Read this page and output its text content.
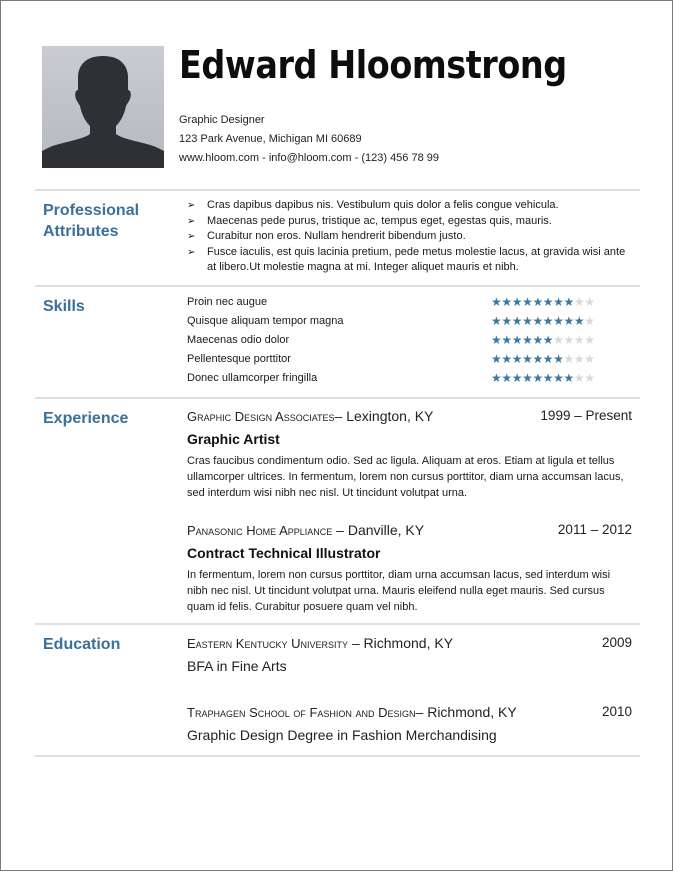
Edward Hloomstrong
Graphic Designer
123 Park Avenue, Michigan MI 60689
www.hloom.com - info@hloom.com - (123) 456 78 99
Professional
Attributes
➢ Cras dapibus dapibus nis. Vestibulum quis dolor a felis congue vehicula.
➢ Maecenas pede purus, tristique ac, tempus eget, egestas quis, mauris.
➢ Curabitur non eros. Nullam hendrerit bibendum justo.
➢ Fusce iaculis, est quis lacinia pretium, pede metus molestie lacus, at gravida wisi ante at libero.Ut molestie magna at mi. Integer aliquet mauris et nibh.
Skills	Proin nec augue	★★★★★★★★★★
Quisque aliquam tempor magna	★★★★★★★★★★
Maecenas odio dolor	★★★★★★★★★★
Pellentesque porttitor	★★★★★★★★★★
Donec ullamcorper fringilla	★★★★★★★★★★
Experience	Graphic Design Associates– Lexington, KY	1999 – Present
Graphic Artist
Cras faucibus condimentum odio. Sed ac ligula. Aliquam at eros. Etiam at ligula et tellus ullamcorper ultrices. In fermentum, lorem non cursus porttitor, diam urna accumsan lacus, sed interdum wisi nibh nec nisl. Ut tincidunt volutpat urna.
Panasonic Home Appliance – Danville, KY	2011 – 2012
Contract Technical Illustrator
In fermentum, lorem non cursus porttitor, diam urna accumsan lacus, sed interdum wisi nibh nec nisl. Ut tincidunt volutpat urna. Mauris eleifend nulla eget mauris. Sed cursus quam id felis. Curabitur posuere quam vel nibh.
Education	Eastern Kentucky University – Richmond, KY	2009
BFA in Fine Arts
Traphagen School of Fashion and Design– Richmond, KY	2010
Graphic Design Degree in Fashion Merchandising
